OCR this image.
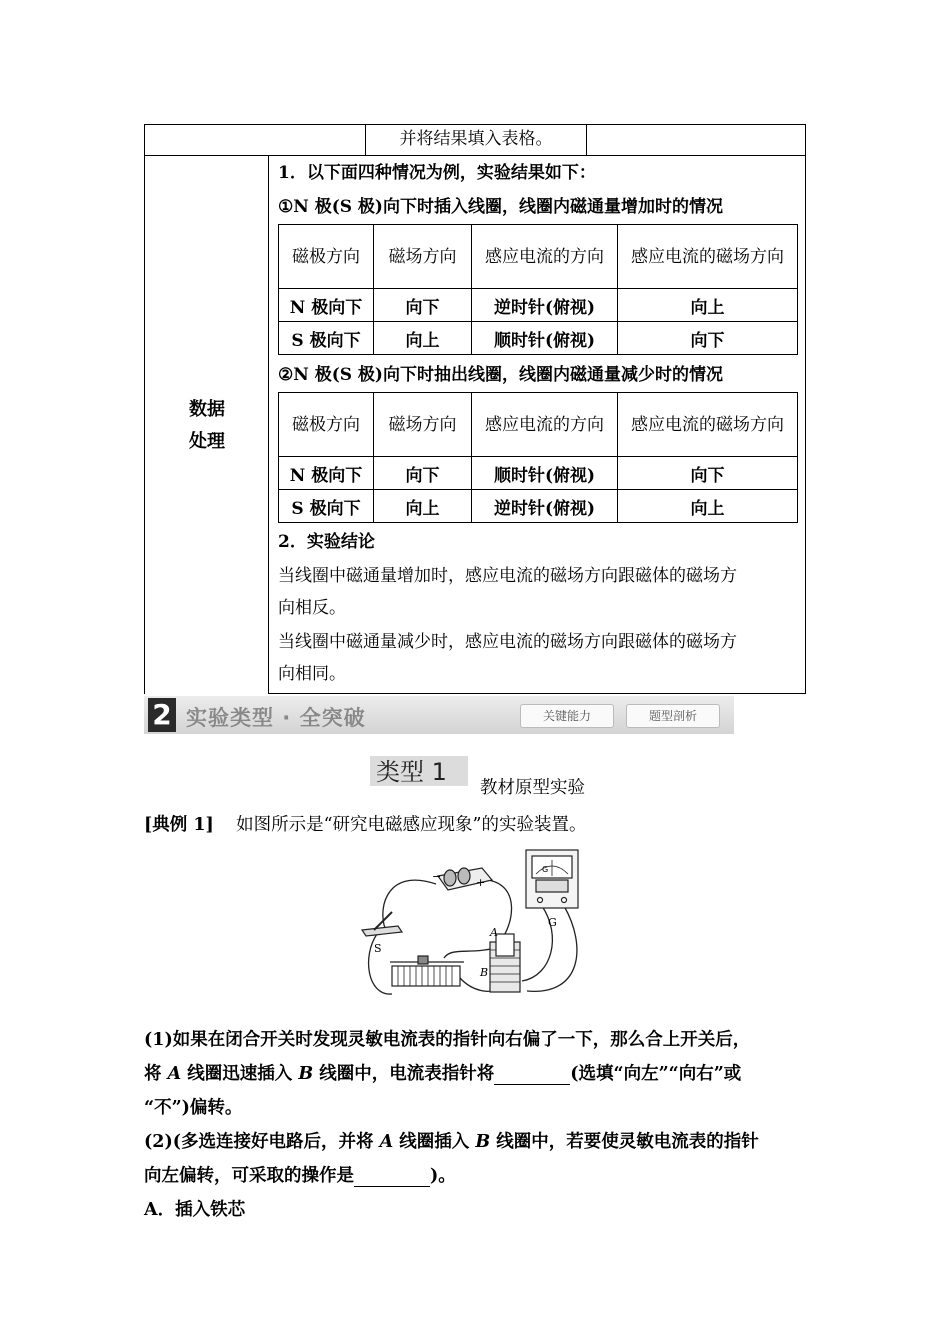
并将结果填入表格。
数据
处理
1．以下面四种情况为例，实验结果如下：
①N 极(S 极)向下时插入线圈，线圈内磁通量增加时的情况
磁极方向	磁场方向	感应电流的方向	感应电流的磁场方向
N 极向下	向下	逆时针(俯视)	向上
S 极向下	向上	顺时针(俯视)	向下
②N 极(S 极)向下时抽出线圈，线圈内磁通量减少时的情况
磁极方向	磁场方向	感应电流的方向	感应电流的磁场方向
N 极向下	向下	顺时针(俯视)	向下
S 极向下	向上	逆时针(俯视)	向上
2．实验结论
当线圈中磁通量增加时，感应电流的磁场方向跟磁体的磁场方
向相反。
当线圈中磁通量减少时，感应电流的磁场方向跟磁体的磁场方
向相同。
2 实验类型 · 全突破	关键能力	题型剖析
类型 1
教材原型实验
[典例 1] 如图所示是“研究电磁感应现象”的实验装置。
+
−
G
G
S
A
B
(1)如果在闭合开关时发现灵敏电流表的指针向右偏了一下，那么合上开关后，
将 A 线圈迅速插入 B 线圈中，电流表指针将	(选填“向左”“向右”或
“不”)偏转。
(2)(多选连接好电路后，并将 A 线圈插入 B 线圈中，若要使灵敏电流表的指针
向左偏转，可采取的操作是	)。
A．插入铁芯
